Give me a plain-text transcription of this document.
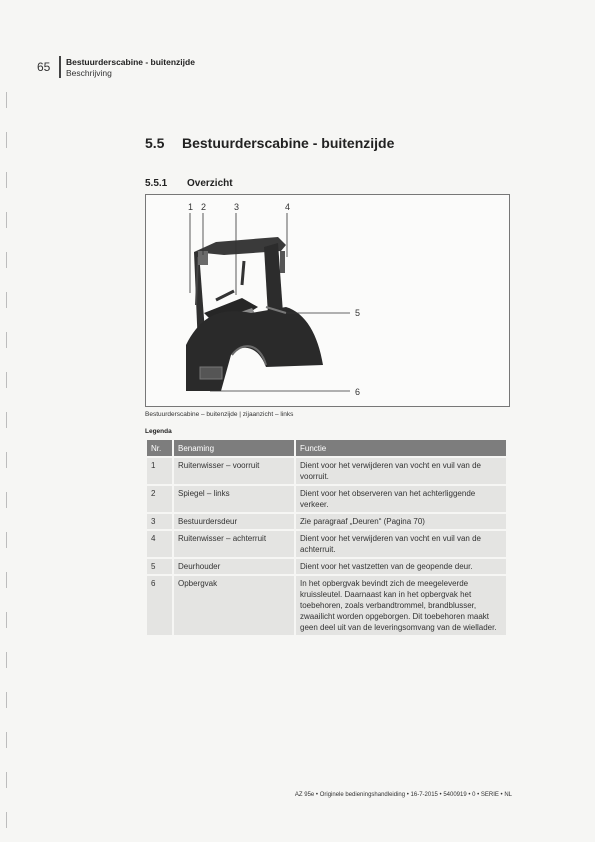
65 Bestuurderscabine - buitenzijde
Beschrijving
5.5 Bestuurderscabine - buitenzijde
5.5.1 Overzicht
1 2	3	4
5
6
Bestuurderscabine – buitenzijde | zijaanzicht – links
Legenda
Nr.	Benaming	Functie
1	Ruitenwisser – voorruit	Dient voor het verwijderen van vocht en vuil van de voorruit.
2	Spiegel – links	Dient voor het observeren van het achterliggende verkeer.
3	Bestuurdersdeur	Zie paragraaf „Deuren“ (Pagina 70)
4	Ruitenwisser – achterruit	Dient voor het verwijderen van vocht en vuil van de achterruit.
5	Deurhouder	Dient voor het vastzetten van de geopende deur.
6	Opbergvak	In het opbergvak bevindt zich de meegeleverde kruissleutel. Daarnaast kan in het opbergvak het toebehoren, zoals verbandtrommel, brandblusser, zwaailicht worden opgeborgen. Dit toebehoren maakt geen deel uit van de leveringsomvang van de wiellader.
AZ 95e • Originele bedieningshandleiding • 16-7-2015 • 5400919 • 0 • SERIE • NL
